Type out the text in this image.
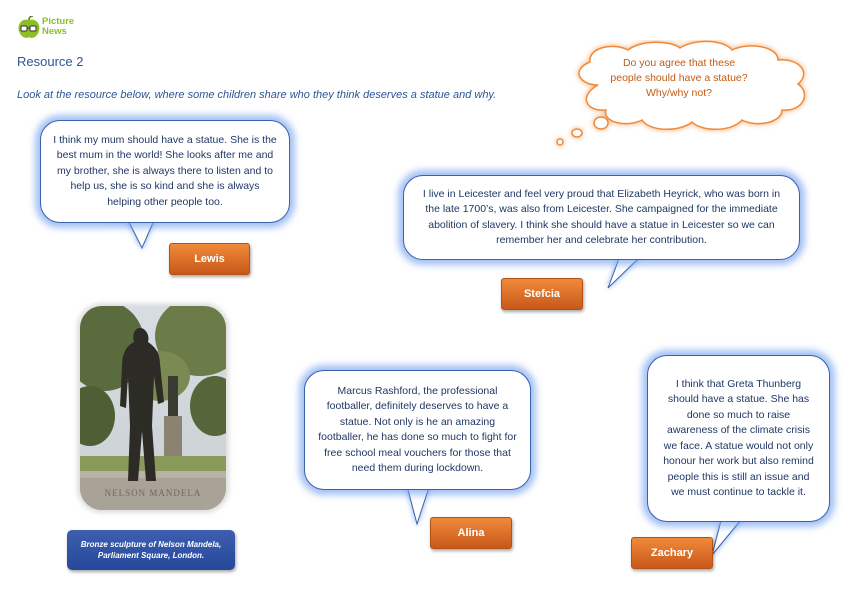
Picture News
Resource 2
Look at the resource below, where some children share who they think deserves a statue and why.
Do you agree that these people should have a statue? Why/why not?
I think my mum should have a statue. She is the best mum in the world! She looks after me and my brother, she is always there to listen and to help us, she is so kind and she is always helping other people too.
Lewis
I live in Leicester and feel very proud that Elizabeth Heyrick, who was born in the late 1700’s, was also from Leicester. She campaigned for the immediate abolition of slavery. I think she should have a statue in Leicester so we can remember her and celebrate her contribution.
Stefcia
NELSON MANDELA
Bronze sculpture of Nelson Mandela, Parliament Square, London.
Marcus Rashford, the professional footballer, definitely deserves to have a statue. Not only is he an amazing footballer, he has done so much to fight for free school meal vouchers for those that need them during lockdown.
Alina
I think that Greta Thunberg should have a statue. She has done so much to raise awareness of the climate crisis we face. A statue would not only honour her work but also remind people this is still an issue and we must continue to tackle it.
Zachary
